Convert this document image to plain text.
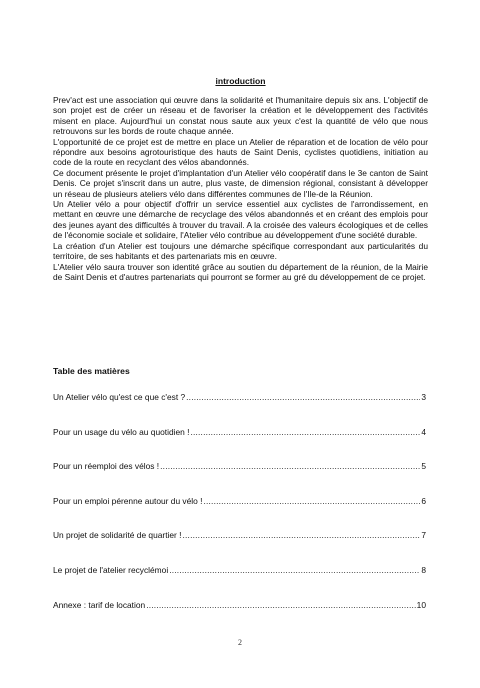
introduction

Prev'act est une association qui œuvre dans la solidarité et l'humanitaire depuis six ans. L'objectif de son projet est de créer un réseau et de favoriser la création et le développement des l'activités misent en place. Aujourd'hui un constat nous saute aux yeux c'est la quantité de vélo que nous retrouvons sur les bords de route chaque année.

L'opportunité de ce projet est de mettre en place un Atelier de réparation et de location de vélo pour répondre aux besoins agrotouristique des hauts de Saint Denis, cyclistes quotidiens, initiation au code de la route en recyclant des vélos abandonnés.

Ce document présente le projet d'implantation d'un Atelier vélo coopératif dans le 3e canton de Saint Denis. Ce projet s'inscrit dans un autre, plus vaste, de dimension régional, consistant à développer un réseau de plusieurs ateliers vélo dans différentes communes de l'Ile-de la Réunion.

Un Atelier vélo a pour objectif d'offrir un service essentiel aux cyclistes de l'arrondissement, en mettant en œuvre une démarche de recyclage des vélos abandonnés et en créant des emplois pour des jeunes ayant des difficultés à trouver du travail. A la croisée des valeurs écologiques et de celles de l'économie sociale et solidaire, l'Atelier vélo contribue au développement d'une société durable.

La création d'un Atelier est toujours une démarche spécifique correspondant aux particularités du territoire, de ses habitants et des partenariats mis en œuvre.

L'Atelier vélo saura trouver son identité grâce au soutien du département de la réunion, de la Mairie de Saint Denis et d'autres partenariats qui pourront se former au gré du développement de ce projet.

Table des matières
Un Atelier vélo qu'est ce que c'est ? .....	3
Pour un usage du vélo au quotidien ! .....	4
Pour un réemploi des vélos ! .....	5
Pour un emploi pérenne autour du vélo ! .....	6
Un projet de solidarité de quartier ! .....	7
Le projet de l'atelier recyclémoi .....	8
Annexe : tarif de location .....	10
2
